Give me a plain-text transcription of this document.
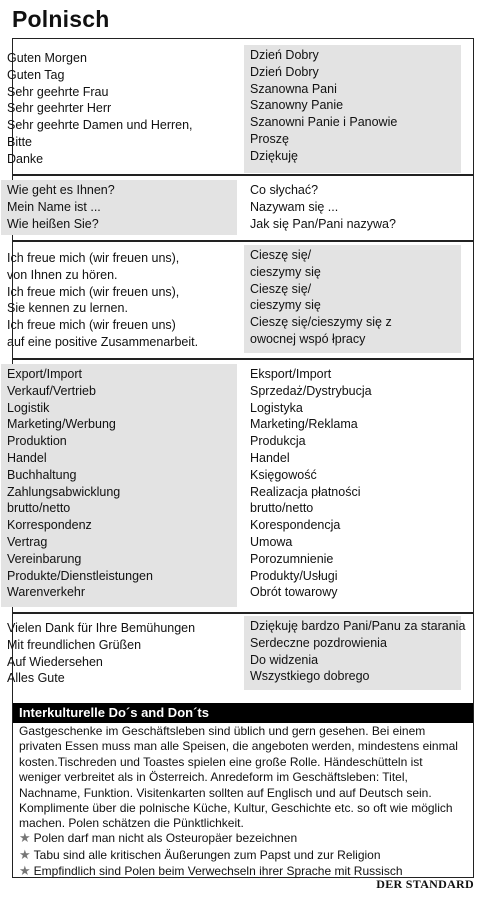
Polnisch
Guten Morgen
Guten Tag
Sehr geehrte Frau
Sehr geehrter Herr
Sehr geehrte Damen und Herren,
Bitte
Danke
Dzień Dobry
Dzień Dobry
Szanowna Pani
Szanowny Panie
Szanowni Panie i Panowie
Proszę
Dziękuję
Wie geht es Ihnen?
Mein Name ist ...
Wie heißen Sie?
Co słychać?
Nazywam się ...
Jak się Pan/Pani nazywa?
Ich freue mich (wir freuen uns),
von Ihnen zu hören.
Ich freue mich (wir freuen uns),
Sie kennen zu lernen.
Ich freue mich (wir freuen uns)
auf eine positive Zusammenarbeit.
Cieszę się/
cieszymy się
Cieszę się/
cieszymy się
Cieszę się/cieszymy się z
owocnej wspó łpracy
Export/Import
Verkauf/Vertrieb
Logistik
Marketing/Werbung
Produktion
Handel
Buchhaltung
Zahlungsabwicklung
brutto/netto
Korrespondenz
Vertrag
Vereinbarung
Produkte/Dienstleistungen
Warenverkehr
Eksport/Import
Sprzedaż/Dystrybucja
Logistyka
Marketing/Reklama
Produkcja
Handel
Księgowość
Realizacja płatności
brutto/netto
Korespondencja
Umowa
Porozumnienie
Produkty/Usługi
Obrót towarowy
Vielen Dank für Ihre Bemühungen
Mit freundlichen Grüßen
Auf Wiedersehen
Alles Gute
Dziękuję bardzo Pani/Panu za starania
Serdeczne pozdrowienia
Do widzenia
Wszystkiego dobrego
Interkulturelle Do´s and Don´ts
Gastgeschenke im Geschäftsleben sind üblich und gern gesehen. Bei einem privaten Essen muss man alle Speisen, die angeboten werden, mindestens einmal kosten.Tischreden und Toastes spielen eine große Rolle. Händeschütteln ist weniger verbreitet als in Österreich. Anredeform im Geschäftsleben: Titel, Nachname, Funktion. Visitenkarten sollten auf Englisch und auf Deutsch sein. Komplimente über die polnische Küche, Kultur, Geschichte etc. so oft wie möglich machen. Polen schätzen die Pünktlichkeit.
★ Polen darf man nicht als Osteuropäer bezeichnen
★ Tabu sind alle kritischen Äußerungen zum Papst und zur Religion
★ Empfindlich sind Polen beim Verwechseln ihrer Sprache mit Russisch
DER STANDARD
